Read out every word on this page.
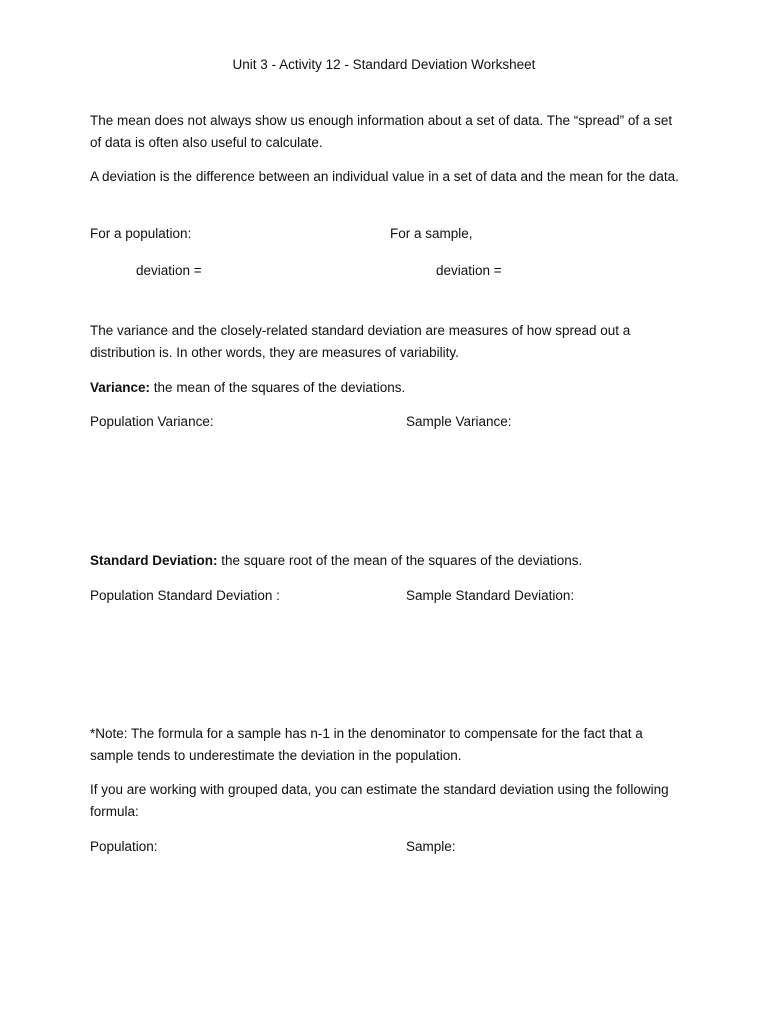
Unit 3 - Activity 12 - Standard Deviation Worksheet
The mean does not always show us enough information about a set of data. The “spread” of a set of data is often also useful to calculate.
A deviation is the difference between an individual value in a set of data and the mean for the data.
For a population:	For a sample,
deviation =	deviation =
The variance and the closely-related standard deviation are measures of how spread out a distribution is. In other words, they are measures of variability.
Variance: the mean of the squares of the deviations.
Population Variance:	Sample Variance:
Standard Deviation: the square root of the mean of the squares of the deviations.
Population Standard Deviation :	Sample Standard Deviation:
*Note: The formula for a sample has n-1 in the denominator to compensate for the fact that a sample tends to underestimate the deviation in the population.
If you are working with grouped data, you can estimate the standard deviation using the following formula:
Population:	Sample:
